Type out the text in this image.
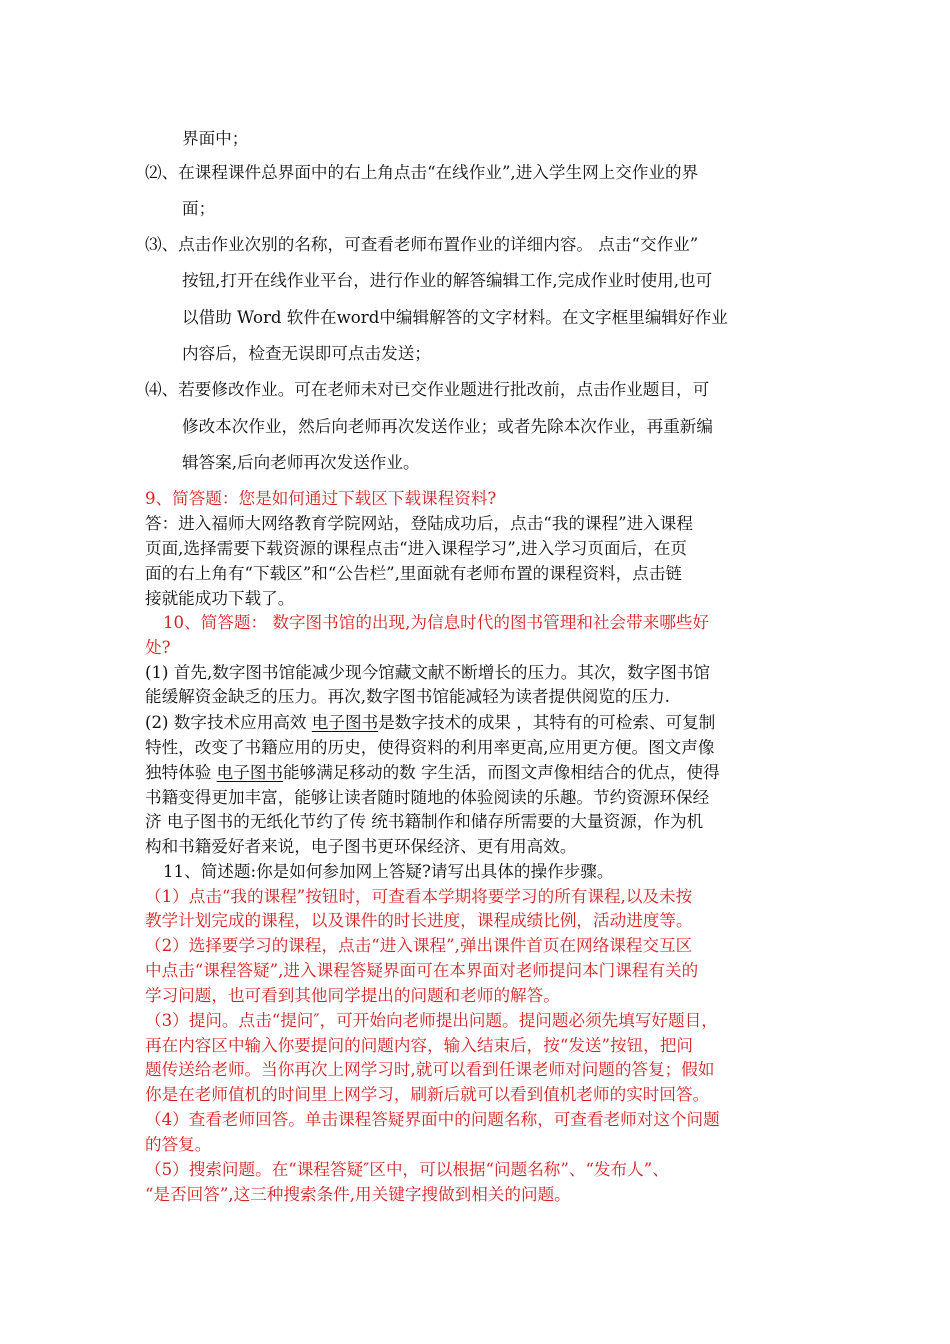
界面中；
⑵、在课程课件总界面中的右上角点击“在线作业”,进入学生网上交作业的界
面；
⑶、点击作业次别的名称，可查看老师布置作业的详细内容。 点击“交作业”
按钮,打开在线作业平台，进行作业的解答编辑工作,完成作业时使用,也可
以借助 Word 软件在word中编辑解答的文字材料。在文字框里编辑好作业
内容后，检查无误即可点击发送；
⑷、若要修改作业。可在老师未对已交作业题进行批改前，点击作业题目，可
修改本次作业，然后向老师再次发送作业；或者先除本次作业，再重新编
辑答案,后向老师再次发送作业。
9、简答题：您是如何通过下载区下载课程资料?
答：进入福师大网络教育学院网站，登陆成功后，点击“我的课程”进入课程
页面,选择需要下载资源的课程点击“进入课程学习”,进入学习页面后，在页
面的右上角有“下载区”和“公告栏”,里面就有老师布置的课程资料，点击链
接就能成功下载了。
10、简答题： 数字图书馆的出现,为信息时代的图书管理和社会带来哪些好
处?
(1) 首先,数字图书馆能减少现今馆藏文献不断增长的压力。其次，数字图书馆
能缓解资金缺乏的压力。再次,数字图书馆能减轻为读者提供阅览的压力.
(2) 数字技术应用高效 电子图书是数字技术的成果 ，其特有的可检索、可复制
特性，改变了书籍应用的历史，使得资料的利用率更高,应用更方便。图文声像
独特体验 电子图书能够满足移动的数 字生活，而图文声像相结合的优点，使得
书籍变得更加丰富，能够让读者随时随地的体验阅读的乐趣。节约资源环保经
济 电子图书的无纸化节约了传 统书籍制作和储存所需要的大量资源，作为机
构和书籍爱好者来说，电子图书更环保经济、更有用高效。
11、简述题:你是如何参加网上答疑?请写出具体的操作步骤。
（1）点击“我的课程”按钮时，可查看本学期将要学习的所有课程,以及未按
教学计划完成的课程，以及课件的时长进度，课程成绩比例，活动进度等。
（2）选择要学习的课程，点击“进入课程”,弹出课件首页在网络课程交互区
中点击“课程答疑”,进入课程答疑界面可在本界面对老师提问本门课程有关的
学习问题，也可看到其他同学提出的问题和老师的解答。
（3）提问。点击“提问″，可开始向老师提出问题。提问题必须先填写好题目，
再在内容区中输入你要提问的问题内容，输入结束后，按“发送”按钮，把问
题传送给老师。当你再次上网学习时,就可以看到任课老师对问题的答复；假如
你是在老师值机的时间里上网学习，刷新后就可以看到值机老师的实时回答。
（4）查看老师回答。单击课程答疑界面中的问题名称，可查看老师对这个问题
的答复。
（5）搜索问题。在“课程答疑″区中，可以根据“问题名称”、“发布人”、
“是否回答”,这三种搜索条件,用关键字搜做到相关的问题。
